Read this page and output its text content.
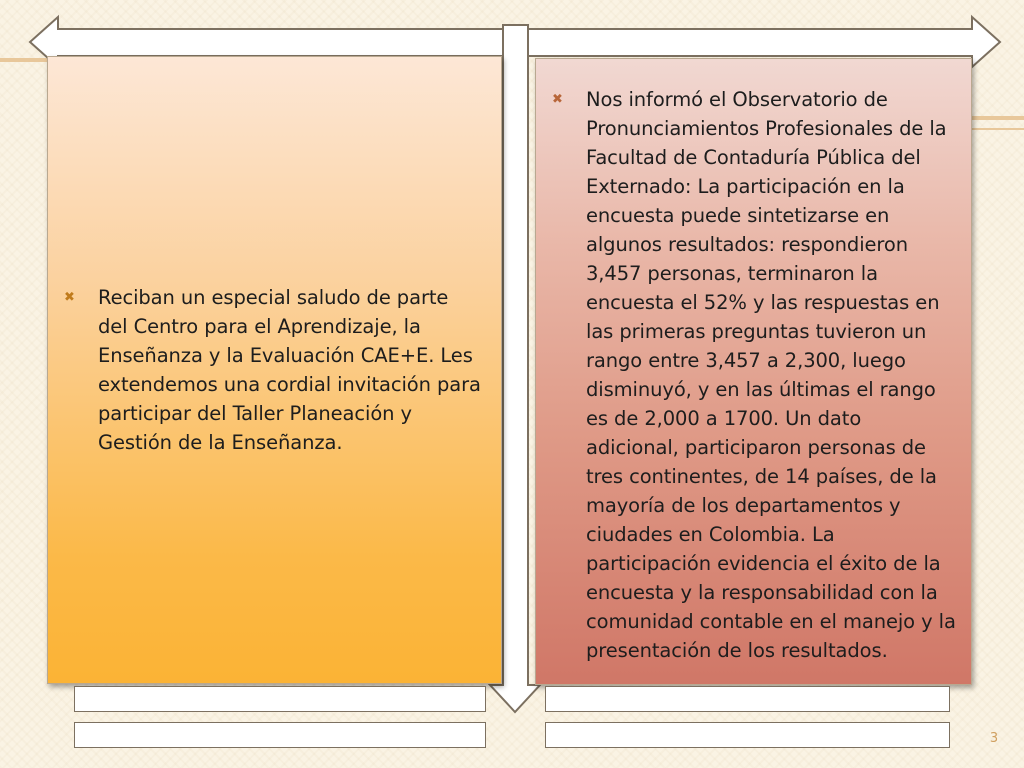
✖	Reciban un especial saludo de parte del Centro para el Aprendizaje, la Enseñanza y la Evaluación CAE+E. Les extendemos una cordial invitación para participar del Taller Planeación y Gestión de la Enseñanza.
✖	Nos informó el Observatorio de Pronunciamientos Profesionales de la Facultad de Contaduría Pública del Externado: La participación en la encuesta puede sintetizarse en algunos resultados: respondieron 3,457 personas, terminaron la encuesta el 52% y las respuestas en las primeras preguntas tuvieron un rango entre 3,457 a 2,300, luego disminuyó, y en las últimas el rango es de 2,000 a 1700. Un dato adicional, participaron personas de tres continentes, de 14 países, de la mayoría de los departamentos y ciudades en Colombia. La participación evidencia el éxito de la encuesta y la responsabilidad con la comunidad contable en el manejo y la presentación de los resultados.
3
